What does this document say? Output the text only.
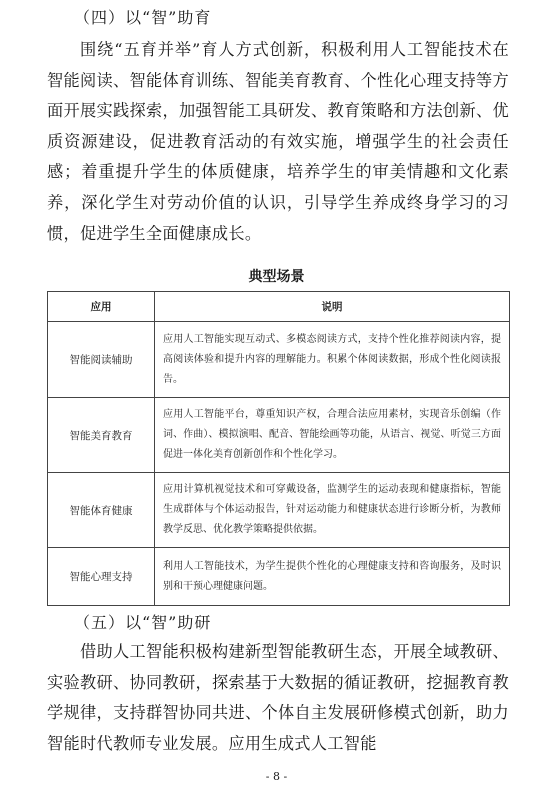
（四）以“智”助育

围绕“五育并举”育人方式创新，积极利用人工智能技术在智能阅读、智能体育训练、智能美育教育、个性化心理支持等方面开展实践探索，加强智能工具研发、教育策略和方法创新、优质资源建设，促进教育活动的有效实施，增强学生的社会责任感；着重提升学生的体质健康，培养学生的审美情趣和文化素养，深化学生对劳动价值的认识，引导学生养成终身学习的习惯，促进学生全面健康成长。

典型场景
应用	说明
智能阅读辅助	应用人工智能实现互动式、多模态阅读方式，支持个性化推荐阅读内容，提高阅读体验和提升内容的理解能力。积累个体阅读数据，形成个性化阅读报告。
智能美育教育	应用人工智能平台，尊重知识产权，合理合法应用素材，实现音乐创编（作词、作曲）、模拟演唱、配音、智能绘画等功能，从语言、视觉、听觉三方面促进一体化美育创新创作和个性化学习。
智能体育健康	应用计算机视觉技术和可穿戴设备，监测学生的运动表现和健康指标，智能生成群体与个体运动报告，针对运动能力和健康状态进行诊断分析，为教师教学反思、优化教学策略提供依据。
智能心理支持	利用人工智能技术，为学生提供个性化的心理健康支持和咨询服务，及时识别和干预心理健康问题。
（五）以“智”助研

借助人工智能积极构建新型智能教研生态，开展全域教研、实验教研、协同教研，探索基于大数据的循证教研，挖掘教育教学规律，支持群智协同共进、个体自主发展研修模式创新，助力智能时代教师专业发展。应用生成式人工智能

- 8 -
